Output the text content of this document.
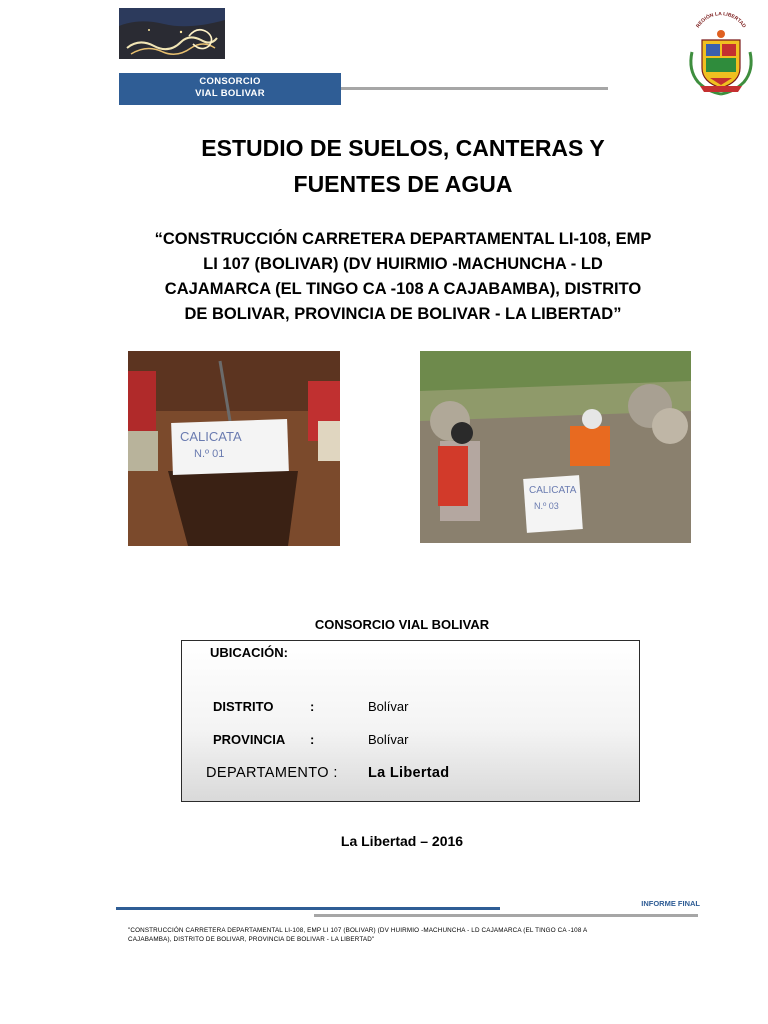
CONSORCIO
VIAL BOLIVAR
REGIÓN LA LIBERTAD
ESTUDIO DE SUELOS, CANTERAS Y
FUENTES DE AGUA
“CONSTRUCCIÓN CARRETERA DEPARTAMENTAL LI-108, EMP
LI 107 (BOLIVAR) (DV HUIRMIO -MACHUNCHA - LD
CAJAMARCA (EL TINGO CA -108 A CAJABAMBA), DISTRITO
DE BOLIVAR, PROVINCIA DE BOLIVAR - LA LIBERTAD”
CALICATA
N.º 01
CALICATA
N.º 03
CONSORCIO VIAL BOLIVAR
UBICACIÓN:
DISTRITO	:	Bolívar
PROVINCIA :	Bolívar
DEPARTAMENTO : La Libertad
La Libertad – 2016
INFORME FINAL
"CONSTRUCCIÓN CARRETERA DEPARTAMENTAL LI-108, EMP LI 107 (BOLIVAR) (DV HUIRMIO -MACHUNCHA - LD CAJAMARCA (EL TINGO CA -108 A
CAJABAMBA), DISTRITO DE BOLIVAR, PROVINCIA DE BOLIVAR - LA LIBERTAD"
